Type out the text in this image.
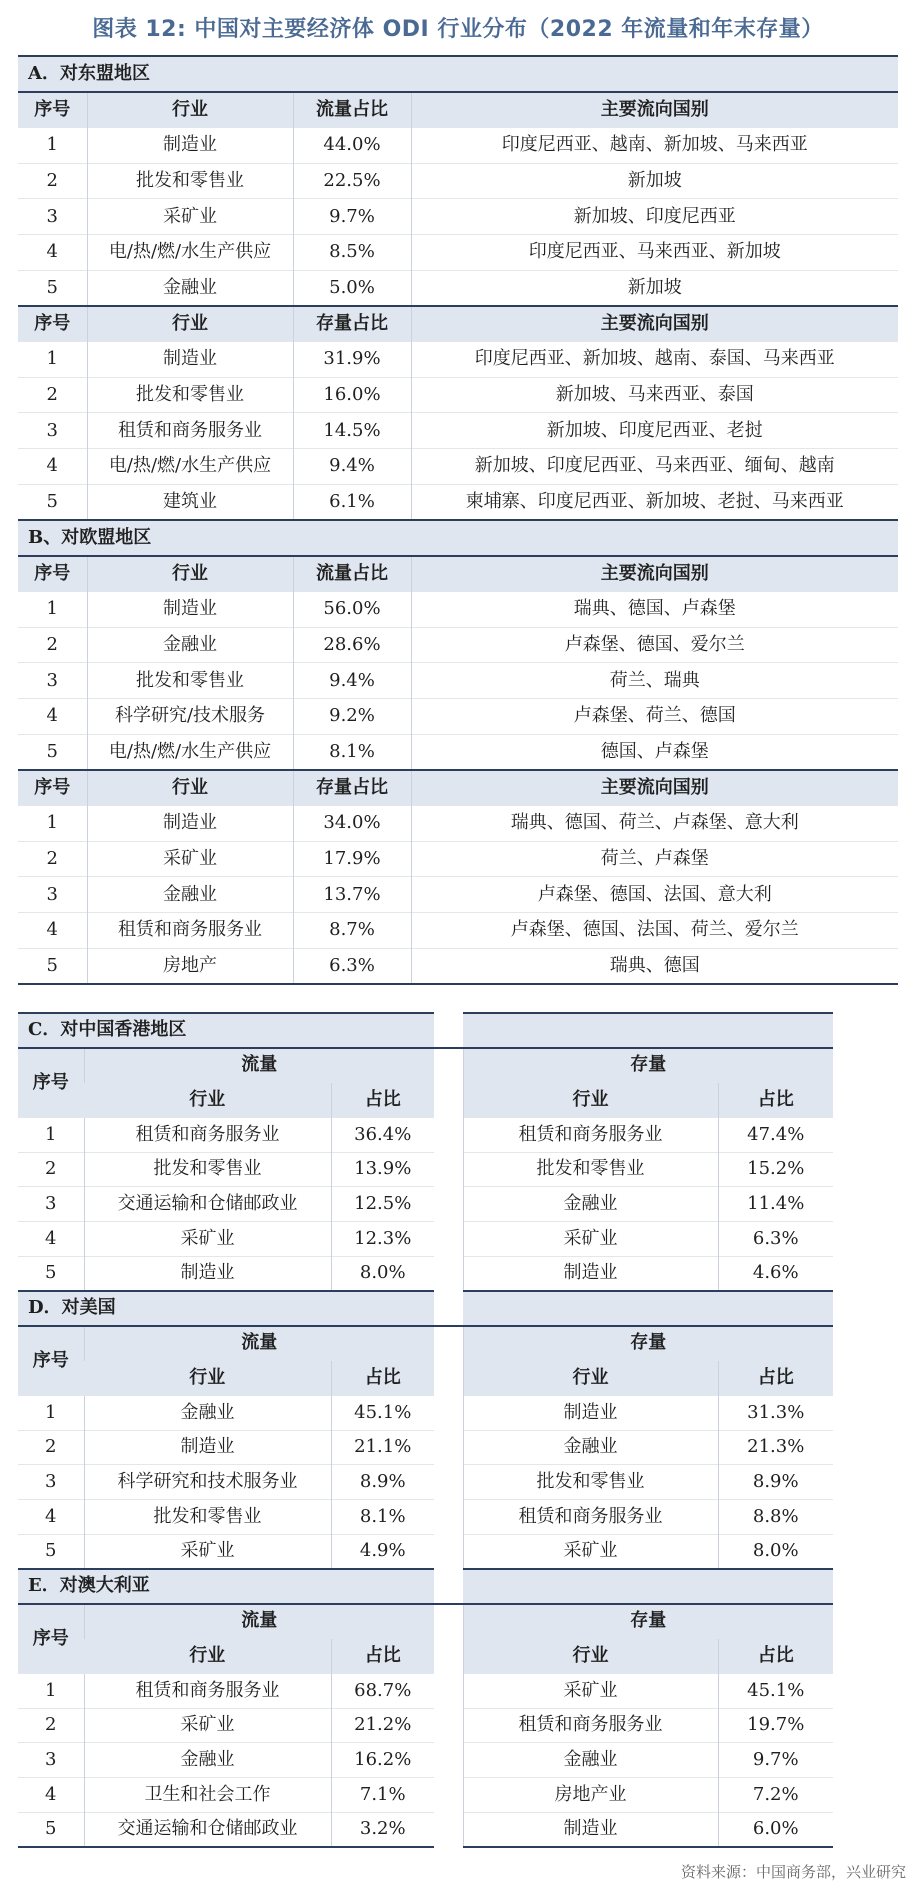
图表 12: 中国对主要经济体 ODI 行业分布（2022 年流量和年末存量）
A．对东盟地区			
序号	行业	流量占比	主要流向国别
1	制造业	44.0%	印度尼西亚、越南、新加坡、马来西亚
2	批发和零售业	22.5%	新加坡
3	采矿业	9.7%	新加坡、印度尼西亚
4	电/热/燃/水生产供应	8.5%	印度尼西亚、马来西亚、新加坡
5	金融业	5.0%	新加坡
序号	行业	存量占比	主要流向国别
1	制造业	31.9%	印度尼西亚、新加坡、越南、泰国、马来西亚
2	批发和零售业	16.0%	新加坡、马来西亚、泰国
3	租赁和商务服务业	14.5%	新加坡、印度尼西亚、老挝
4	电/热/燃/水生产供应	9.4%	新加坡、印度尼西亚、马来西亚、缅甸、越南
5	建筑业	6.1%	柬埔寨、印度尼西亚、新加坡、老挝、马来西亚
B、对欧盟地区			
序号	行业	流量占比	主要流向国别
1	制造业	56.0%	瑞典、德国、卢森堡
2	金融业	28.6%	卢森堡、德国、爱尔兰
3	批发和零售业	9.4%	荷兰、瑞典
4	科学研究/技术服务	9.2%	卢森堡、荷兰、德国
5	电/热/燃/水生产供应	8.1%	德国、卢森堡
序号	行业	存量占比	主要流向国别
1	制造业	34.0%	瑞典、德国、荷兰、卢森堡、意大利
2	采矿业	17.9%	荷兰、卢森堡
3	金融业	13.7%	卢森堡、德国、法国、意大利
4	租赁和商务服务业	8.7%	卢森堡、德国、法国、荷兰、爱尔兰
5	房地产	6.3%	瑞典、德国
C．对中国香港地区					
序号	流量			存量	
	行业	占比		行业	占比
1	租赁和商务服务业	36.4%		租赁和商务服务业	47.4%
2	批发和零售业	13.9%		批发和零售业	15.2%
3	交通运输和仓储邮政业	12.5%		金融业	11.4%
4	采矿业	12.3%		采矿业	6.3%
5	制造业	8.0%		制造业	4.6%
D．对美国					
序号	流量			存量	
	行业	占比		行业	占比
1	金融业	45.1%		制造业	31.3%
2	制造业	21.1%		金融业	21.3%
3	科学研究和技术服务业	8.9%		批发和零售业	8.9%
4	批发和零售业	8.1%		租赁和商务服务业	8.8%
5	采矿业	4.9%		采矿业	8.0%
E．对澳大利亚					
序号	流量			存量	
	行业	占比		行业	占比
1	租赁和商务服务业	68.7%		采矿业	45.1%
2	采矿业	21.2%		租赁和商务服务业	19.7%
3	金融业	16.2%		金融业	9.7%
4	卫生和社会工作	7.1%		房地产业	7.2%
5	交通运输和仓储邮政业	3.2%		制造业	6.0%
资料来源：中国商务部，兴业研究
